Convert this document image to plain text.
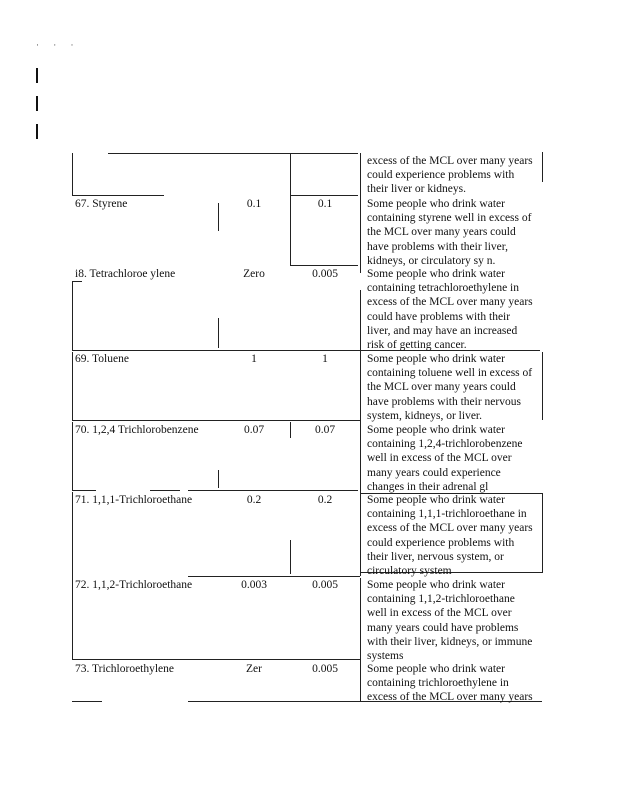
· · ·
excess of the MCL over many years
could experience problems with
their liver or kidneys.
67. Styrene	0.1	0.1	Some people who drink water
containing styrene well in excess of
the MCL over many years could
have problems with their liver,
kidneys, or circulatory sy n.
i8. Tetrachloroe ylene	Zero	0.005	Some people who drink water
containing tetrachloroethylene in
excess of the MCL over many years
could have problems with their
liver, and may have an increased
risk of getting cancer.
69. Toluene	1	1	Some people who drink water
containing toluene well in excess of
the MCL over many years could
have problems with their nervous
system, kidneys, or liver.
70. 1,2,4 Trichlorobenzene	0.07	0.07	Some people who drink water
containing 1,2,4-trichlorobenzene
well in excess of the MCL over
many years could experience
changes in their adrenal gl
71. 1,1,1-Trichloroethane	0.2	0.2	Some people who drink water
containing 1,1,1-trichloroethane in
excess of the MCL over many years
could experience problems with
their liver, nervous system, or
circulatory system
72. 1,1,2-Trichloroethane	0.003	0.005	Some people who drink water
containing 1,1,2-trichloroethane
well in excess of the MCL over
many years could have problems
with their liver, kidneys, or immune
systems
73. Trichloroethylene	Zer	0.005	Some people who drink water
containing trichloroethylene in
excess of the MCL over many years
